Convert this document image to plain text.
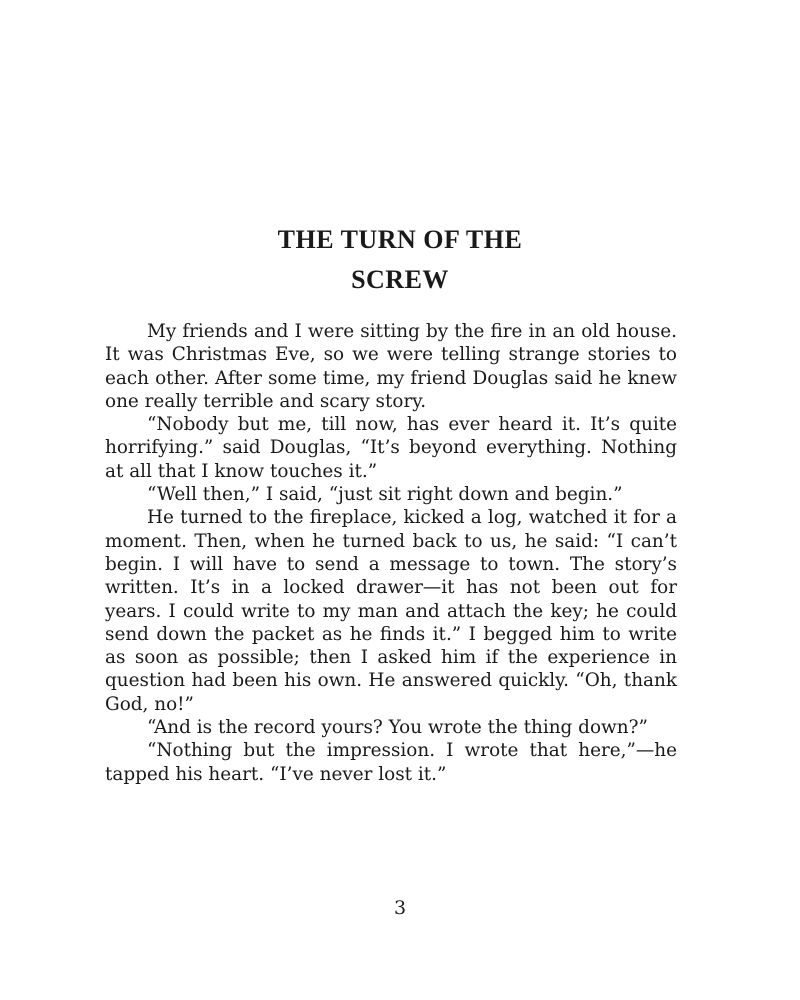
THE TURN OF THE
SCREW

My friends and I were sitting by the fire in an old house. It was Christmas Eve, so we were telling strange stories to each other. After some time, my friend Douglas said he knew one really terrible and scary story.

“Nobody but me, till now, has ever heard it. It’s quite horrifying.” said Douglas, “It’s beyond everything. Nothing at all that I know touches it.”

“Well then,” I said, “just sit right down and begin.”

He turned to the fireplace, kicked a log, watched it for a moment. Then, when he turned back to us, he said: “I can’t begin. I will have to send a message to town. The story’s written. It’s in a locked drawer—it has not been out for years. I could write to my man and attach the key; he could send down the packet as he finds it.” I begged him to write as soon as possible; then I asked him if the experience in question had been his own. He answered quickly. “Oh, thank God, no!”

“And is the record yours? You wrote the thing down?”

“Nothing but the impression. I wrote that here,”—he tapped his heart. “I’ve never lost it.”

3
